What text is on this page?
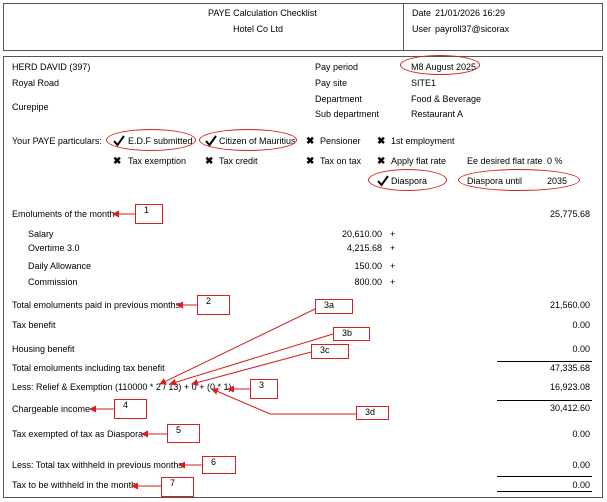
PAYE Calculation Checklist
Hotel Co Ltd
Date 21/01/2026 16:29
User payroll37@sicorax
HERD DAVID (397)
Royal Road
Curepipe
Pay period	M8 August 2025
Pay site	SITE1
Department	Food & Beverage
Sub department	Restaurant A
Your PAYE particulars:	E.D.F submitted	Citizen of Mauritius ✖ Pensioner ✖ 1st employment
✖ Tax exemption ✖ Tax credit	✖ Tax on tax ✖ Apply flat rate Ee desired flat rate 0 %
Diaspora	Diaspora until	2035
Emoluments of the month	25,775.68
Salary	20,610.00 +
Overtime 3.0	4,215.68 +
Daily Allowance	150.00 +
Commission	800.00 +
Total emoluments paid in previous months	21,560.00
Tax benefit	0.00
Housing benefit	0.00
Total emoluments including tax benefit	47,335.68
Less: Relief & Exemption (110000 * 2 / 13) + 0 + (0 * 1)	16,923.08
Chargeable income	30,412.60
Tax exempted of tax as Diaspora	0.00
Less: Total tax withheld in previous months	0.00
Tax to be withheld in the month	0.00
1
2	3a
3b
3c
3
3d
4
5
6
7
